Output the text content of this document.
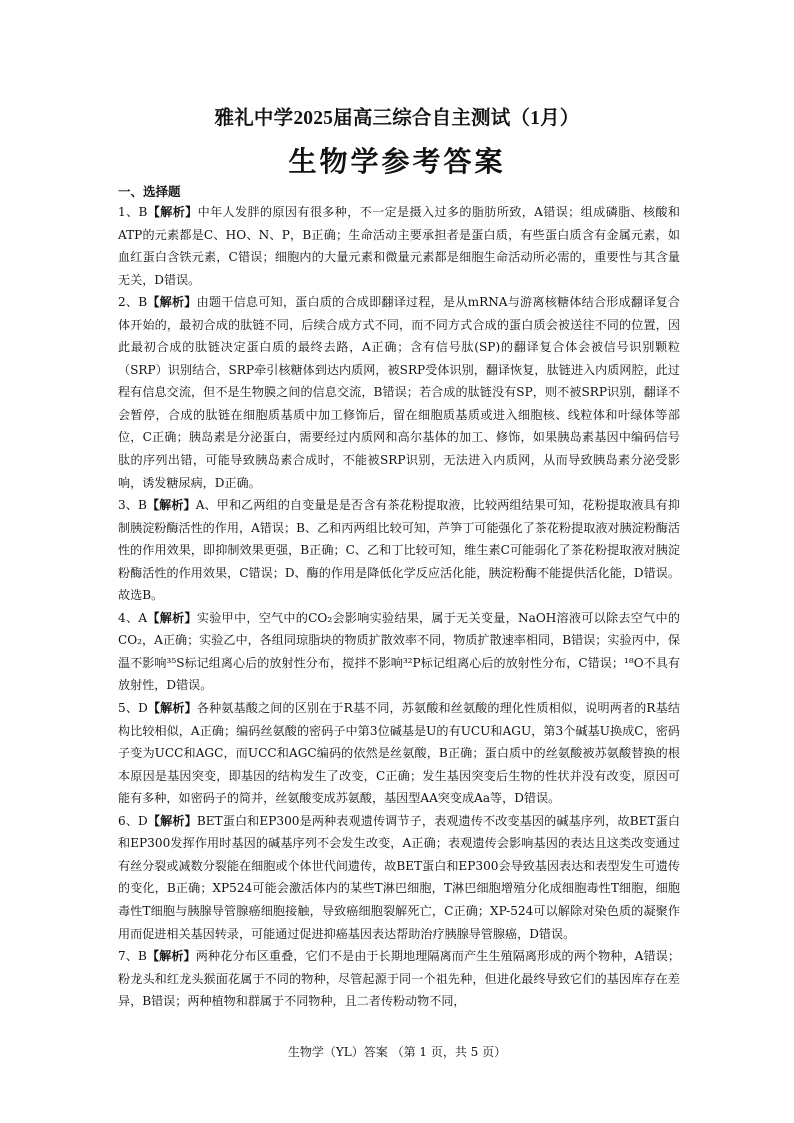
雅礼中学2025届高三综合自主测试（1月）
生物学参考答案
一、选择题

1、B【解析】中年人发胖的原因有很多种，不一定是摄入过多的脂肪所致，A错误；组成磷脂、核酸和ATP的元素都是C、HO、N、P，B正确；生命活动主要承担者是蛋白质，有些蛋白质含有金属元素，如血红蛋白含铁元素，C错误；细胞内的大量元素和微量元素都是细胞生命活动所必需的，重要性与其含量无关，D错误。

2、B【解析】由题干信息可知，蛋白质的合成即翻译过程，是从mRNA与游离核糖体结合形成翻译复合体开始的，最初合成的肽链不同，后续合成方式不同，而不同方式合成的蛋白质会被送往不同的位置，因此最初合成的肽链决定蛋白质的最终去路，A正确；含有信号肽(SP)的翻译复合体会被信号识别颗粒（SRP）识别结合，SRP牵引核糖体到达内质网，被SRP受体识别，翻译恢复，肽链进入内质网腔，此过程有信息交流，但不是生物膜之间的信息交流，B错误；若合成的肽链没有SP，则不被SRP识别，翻译不会暂停，合成的肽链在细胞质基质中加工修饰后，留在细胞质基质或进入细胞核、线粒体和叶绿体等部位，C正确；胰岛素是分泌蛋白，需要经过内质网和高尔基体的加工、修饰，如果胰岛素基因中编码信号肽的序列出错，可能导致胰岛素合成时，不能被SRP识别，无法进入内质网，从而导致胰岛素分泌受影响，诱发糖尿病，D正确。

3、B【解析】A、甲和乙两组的自变量是是否含有茶花粉提取液，比较两组结果可知，花粉提取液具有抑制胰淀粉酶活性的作用，A错误；B、乙和丙两组比较可知，芦笋丁可能强化了茶花粉提取液对胰淀粉酶活性的作用效果，即抑制效果更强，B正确；C、乙和丁比较可知，维生素C可能弱化了茶花粉提取液对胰淀粉酶活性的作用效果，C错误；D、酶的作用是降低化学反应活化能，胰淀粉酶不能提供活化能，D错误。故选B。

4、A【解析】实验甲中，空气中的CO₂会影响实验结果，属于无关变量，NaOH溶液可以除去空气中的CO₂，A正确；实验乙中，各组同琼脂块的物质扩散效率不同，物质扩散速率相同，B错误；实验丙中，保温不影响³⁵S标记组离心后的放射性分布，搅拌不影响³²P标记组离心后的放射性分布，C错误；¹⁸O不具有放射性，D错误。

5、D【解析】各种氨基酸之间的区别在于R基不同，苏氨酸和丝氨酸的理化性质相似，说明两者的R基结构比较相似，A正确；编码丝氨酸的密码子中第3位碱基是U的有UCU和AGU，第3个碱基U换成C，密码子变为UCC和AGC，而UCC和AGC编码的依然是丝氨酸，B正确；蛋白质中的丝氨酸被苏氨酸替换的根本原因是基因突变，即基因的结构发生了改变，C正确；发生基因突变后生物的性状并没有改变，原因可能有多种，如密码子的简并，丝氨酸变成苏氨酸，基因型AA突变成Aa等，D错误。

6、D【解析】BET蛋白和EP300是两种表观遗传调节子，表观遗传不改变基因的碱基序列，故BET蛋白和EP300发挥作用时基因的碱基序列不会发生改变，A正确；表观遗传会影响基因的表达且这类改变通过有丝分裂或减数分裂能在细胞或个体世代间遗传，故BET蛋白和EP300会导致基因表达和表型发生可遗传的变化，B正确；XP524可能会激活体内的某些T淋巴细胞，T淋巴细胞增殖分化成细胞毒性T细胞，细胞毒性T细胞与胰腺导管腺癌细胞接触，导致癌细胞裂解死亡，C正确；XP-524可以解除对染色质的凝聚作用而促进相关基因转录，可能通过促进抑癌基因表达帮助治疗胰腺导管腺癌，D错误。

7、B【解析】两种花分布区重叠，它们不是由于长期地理隔离而产生生殖隔离形成的两个物种，A错误；粉龙头和红龙头猴面花属于不同的物种，尽管起源于同一个祖先种，但进化最终导致它们的基因库存在差异，B错误；两种植物和群属于不同物种，且二者传粉动物不同，

生物学（YL）答案 （第 1 页，共 5 页）
